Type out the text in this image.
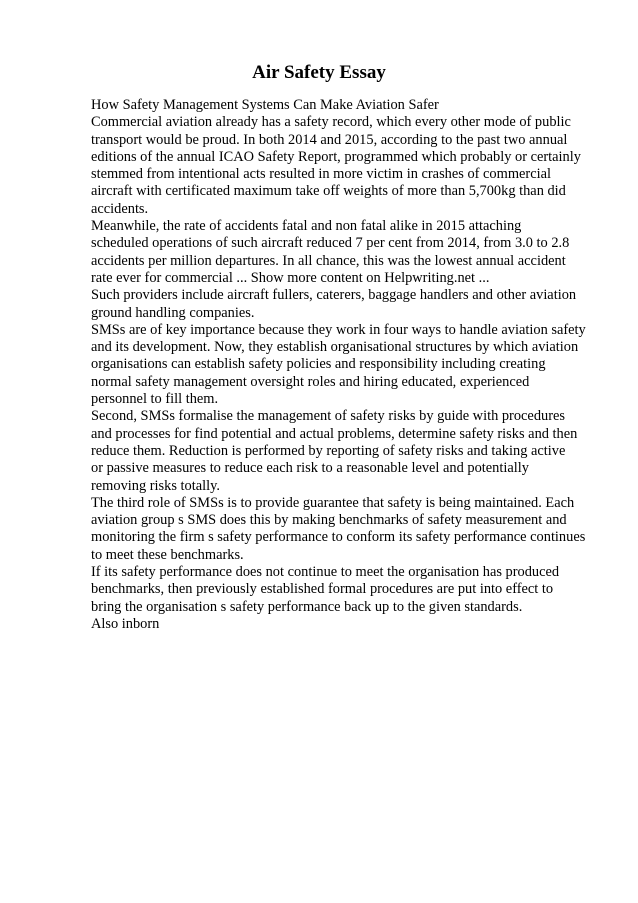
Air Safety Essay
How Safety Management Systems Can Make Aviation Safer
Commercial aviation already has a safety record, which every other mode of public
transport would be proud. In both 2014 and 2015, according to the past two annual
editions of the annual ICAO Safety Report, programmed which probably or certainly
stemmed from intentional acts resulted in more victim in crashes of commercial
aircraft with certificated maximum take off weights of more than 5,700kg than did
accidents.
Meanwhile, the rate of accidents fatal and non fatal alike in 2015 attaching
scheduled operations of such aircraft reduced 7 per cent from 2014, from 3.0 to 2.8
accidents per million departures. In all chance, this was the lowest annual accident
rate ever for commercial ... Show more content on Helpwriting.net ...
Such providers include aircraft fullers, caterers, baggage handlers and other aviation
ground handling companies.
SMSs are of key importance because they work in four ways to handle aviation safety
and its development. Now, they establish organisational structures by which aviation
organisations can establish safety policies and responsibility including creating
normal safety management oversight roles and hiring educated, experienced
personnel to fill them.
Second, SMSs formalise the management of safety risks by guide with procedures
and processes for find potential and actual problems, determine safety risks and then
reduce them. Reduction is performed by reporting of safety risks and taking active
or passive measures to reduce each risk to a reasonable level and potentially
removing risks totally.
The third role of SMSs is to provide guarantee that safety is being maintained. Each
aviation group s SMS does this by making benchmarks of safety measurement and
monitoring the firm s safety performance to conform its safety performance continues
to meet these benchmarks.
If its safety performance does not continue to meet the organisation has produced
benchmarks, then previously established formal procedures are put into effect to
bring the organisation s safety performance back up to the given standards.
Also inborn
